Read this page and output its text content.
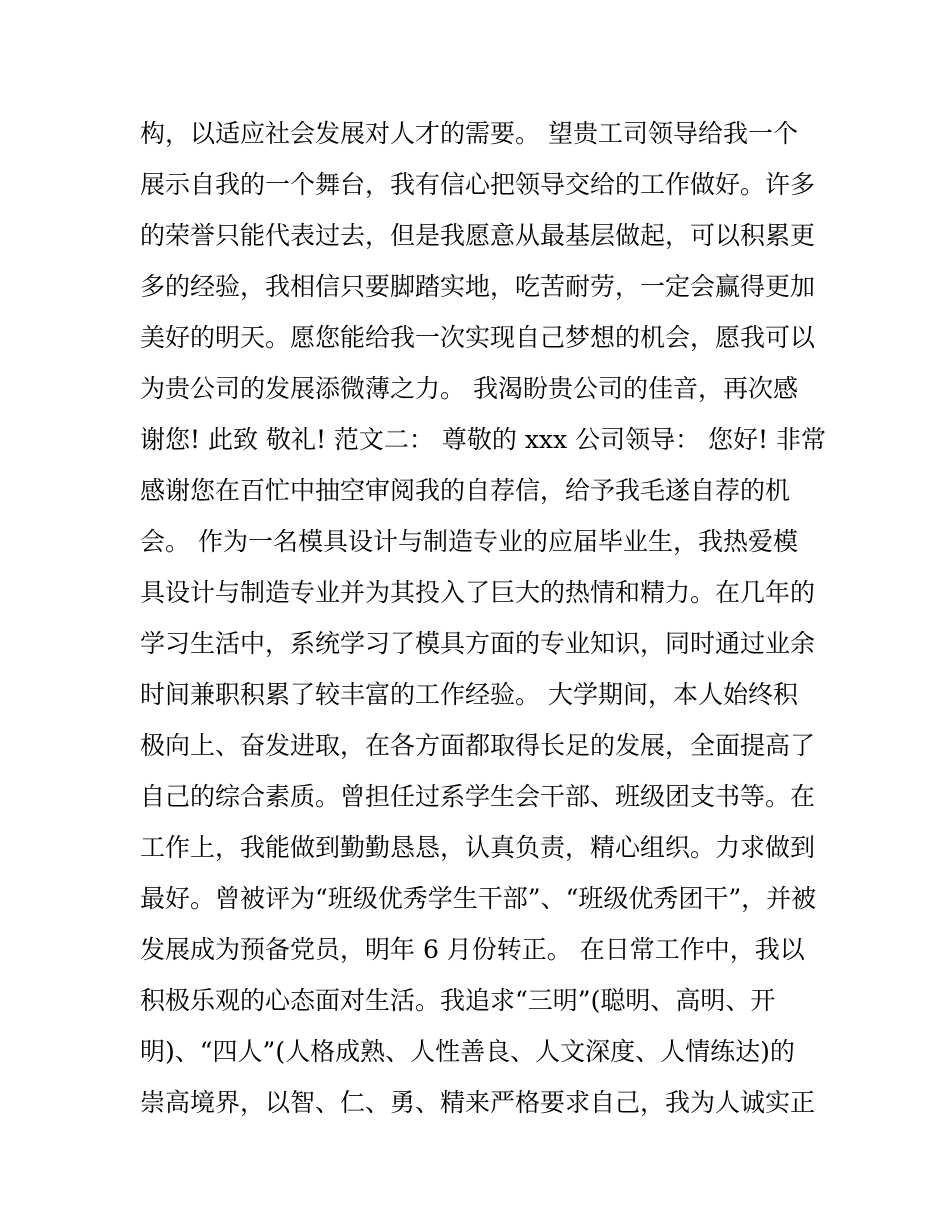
构，以适应社会发展对人才的需要。 望贵工司领导给我一个
展示自我的一个舞台，我有信心把领导交给的工作做好。许多
的荣誉只能代表过去，但是我愿意从最基层做起，可以积累更
多的经验，我相信只要脚踏实地，吃苦耐劳，一定会赢得更加
美好的明天。愿您能给我一次实现自己梦想的机会，愿我可以
为贵公司的发展添微薄之力。 我渴盼贵公司的佳音，再次感
谢您! 此致 敬礼! 范文二： 尊敬的 xxx 公司领导： 您好! 非常
感谢您在百忙中抽空审阅我的自荐信，给予我毛遂自荐的机
会。 作为一名模具设计与制造专业的应届毕业生，我热爱模
具设计与制造专业并为其投入了巨大的热情和精力。在几年的
学习生活中，系统学习了模具方面的专业知识，同时通过业余
时间兼职积累了较丰富的工作经验。 大学期间，本人始终积
极向上、奋发进取，在各方面都取得长足的发展，全面提高了
自己的综合素质。曾担任过系学生会干部、班级团支书等。在
工作上，我能做到勤勤恳恳，认真负责，精心组织。力求做到
最好。曾被评为“班级优秀学生干部”、“班级优秀团干”，并被
发展成为预备党员，明年 6 月份转正。 在日常工作中，我以
积极乐观的心态面对生活。我追求“三明”(聪明、高明、开
明)、“四人”(人格成熟、人性善良、人文深度、人情练达)的
崇高境界，以智、仁、勇、精来严格要求自己，我为人诚实正
